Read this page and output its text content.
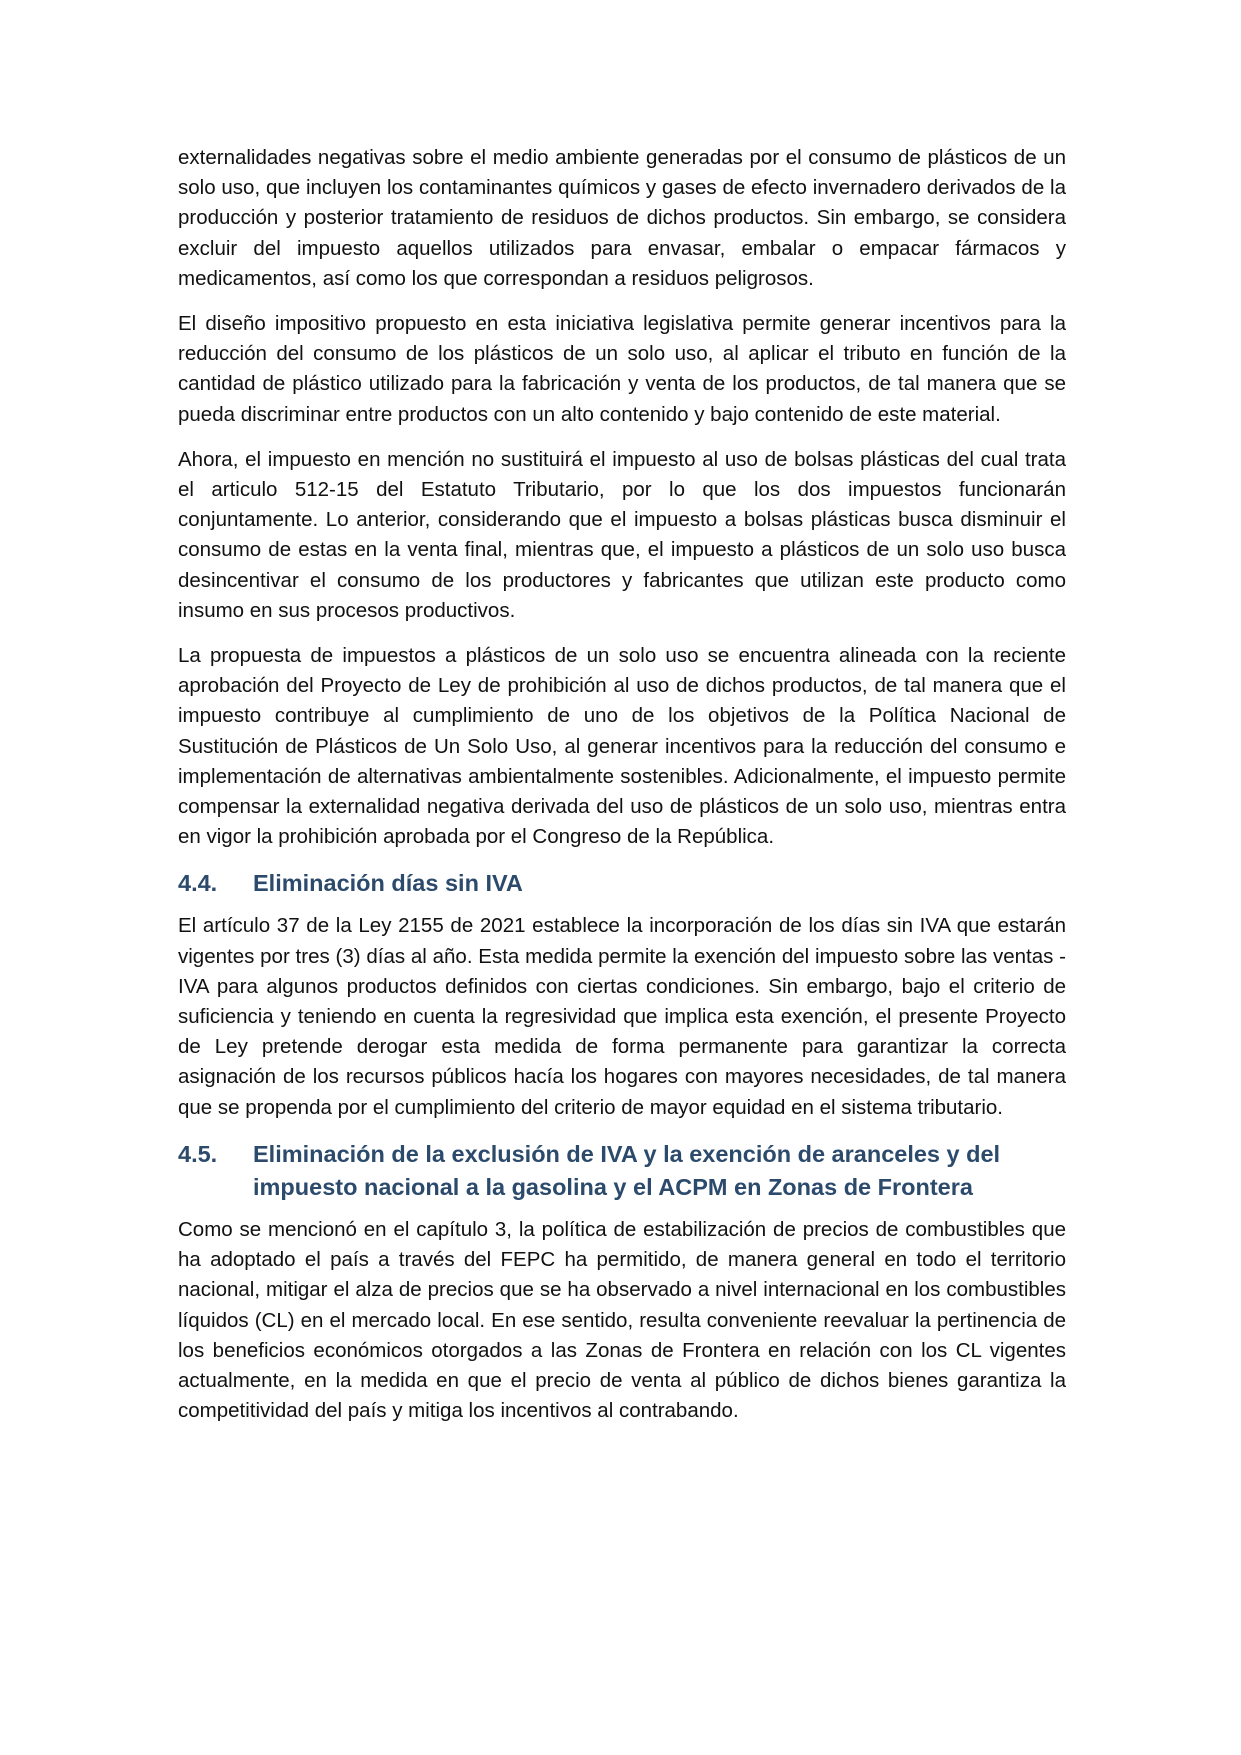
externalidades negativas sobre el medio ambiente generadas por el consumo de plásticos de un solo uso, que incluyen los contaminantes químicos y gases de efecto invernadero derivados de la producción y posterior tratamiento de residuos de dichos productos. Sin embargo, se considera excluir del impuesto aquellos utilizados para envasar, embalar o empacar fármacos y medicamentos, así como los que correspondan a residuos peligrosos.

El diseño impositivo propuesto en esta iniciativa legislativa permite generar incentivos para la reducción del consumo de los plásticos de un solo uso, al aplicar el tributo en función de la cantidad de plástico utilizado para la fabricación y venta de los productos, de tal manera que se pueda discriminar entre productos con un alto contenido y bajo contenido de este material.

Ahora, el impuesto en mención no sustituirá el impuesto al uso de bolsas plásticas del cual trata el articulo 512-15 del Estatuto Tributario, por lo que los dos impuestos funcionarán conjuntamente. Lo anterior, considerando que el impuesto a bolsas plásticas busca disminuir el consumo de estas en la venta final, mientras que, el impuesto a plásticos de un solo uso busca desincentivar el consumo de los productores y fabricantes que utilizan este producto como insumo en sus procesos productivos.

La propuesta de impuestos a plásticos de un solo uso se encuentra alineada con la reciente aprobación del Proyecto de Ley de prohibición al uso de dichos productos, de tal manera que el impuesto contribuye al cumplimiento de uno de los objetivos de la Política Nacional de Sustitución de Plásticos de Un Solo Uso, al generar incentivos para la reducción del consumo e implementación de alternativas ambientalmente sostenibles. Adicionalmente, el impuesto permite compensar la externalidad negativa derivada del uso de plásticos de un solo uso, mientras entra en vigor la prohibición aprobada por el Congreso de la República.

4.4.	Eliminación días sin IVA

El artículo 37 de la Ley 2155 de 2021 establece la incorporación de los días sin IVA que estarán vigentes por tres (3) días al año. Esta medida permite la exención del impuesto sobre las ventas -IVA para algunos productos definidos con ciertas condiciones. Sin embargo, bajo el criterio de suficiencia y teniendo en cuenta la regresividad que implica esta exención, el presente Proyecto de Ley pretende derogar esta medida de forma permanente para garantizar la correcta asignación de los recursos públicos hacía los hogares con mayores necesidades, de tal manera que se propenda por el cumplimiento del criterio de mayor equidad en el sistema tributario.

4.5.	Eliminación de la exclusión de IVA y la exención de aranceles y del impuesto nacional a la gasolina y el ACPM en Zonas de Frontera

Como se mencionó en el capítulo 3, la política de estabilización de precios de combustibles que ha adoptado el país a través del FEPC ha permitido, de manera general en todo el territorio nacional, mitigar el alza de precios que se ha observado a nivel internacional en los combustibles líquidos (CL) en el mercado local. En ese sentido, resulta conveniente reevaluar la pertinencia de los beneficios económicos otorgados a las Zonas de Frontera en relación con los CL vigentes actualmente, en la medida en que el precio de venta al público de dichos bienes garantiza la competitividad del país y mitiga los incentivos al contrabando.
